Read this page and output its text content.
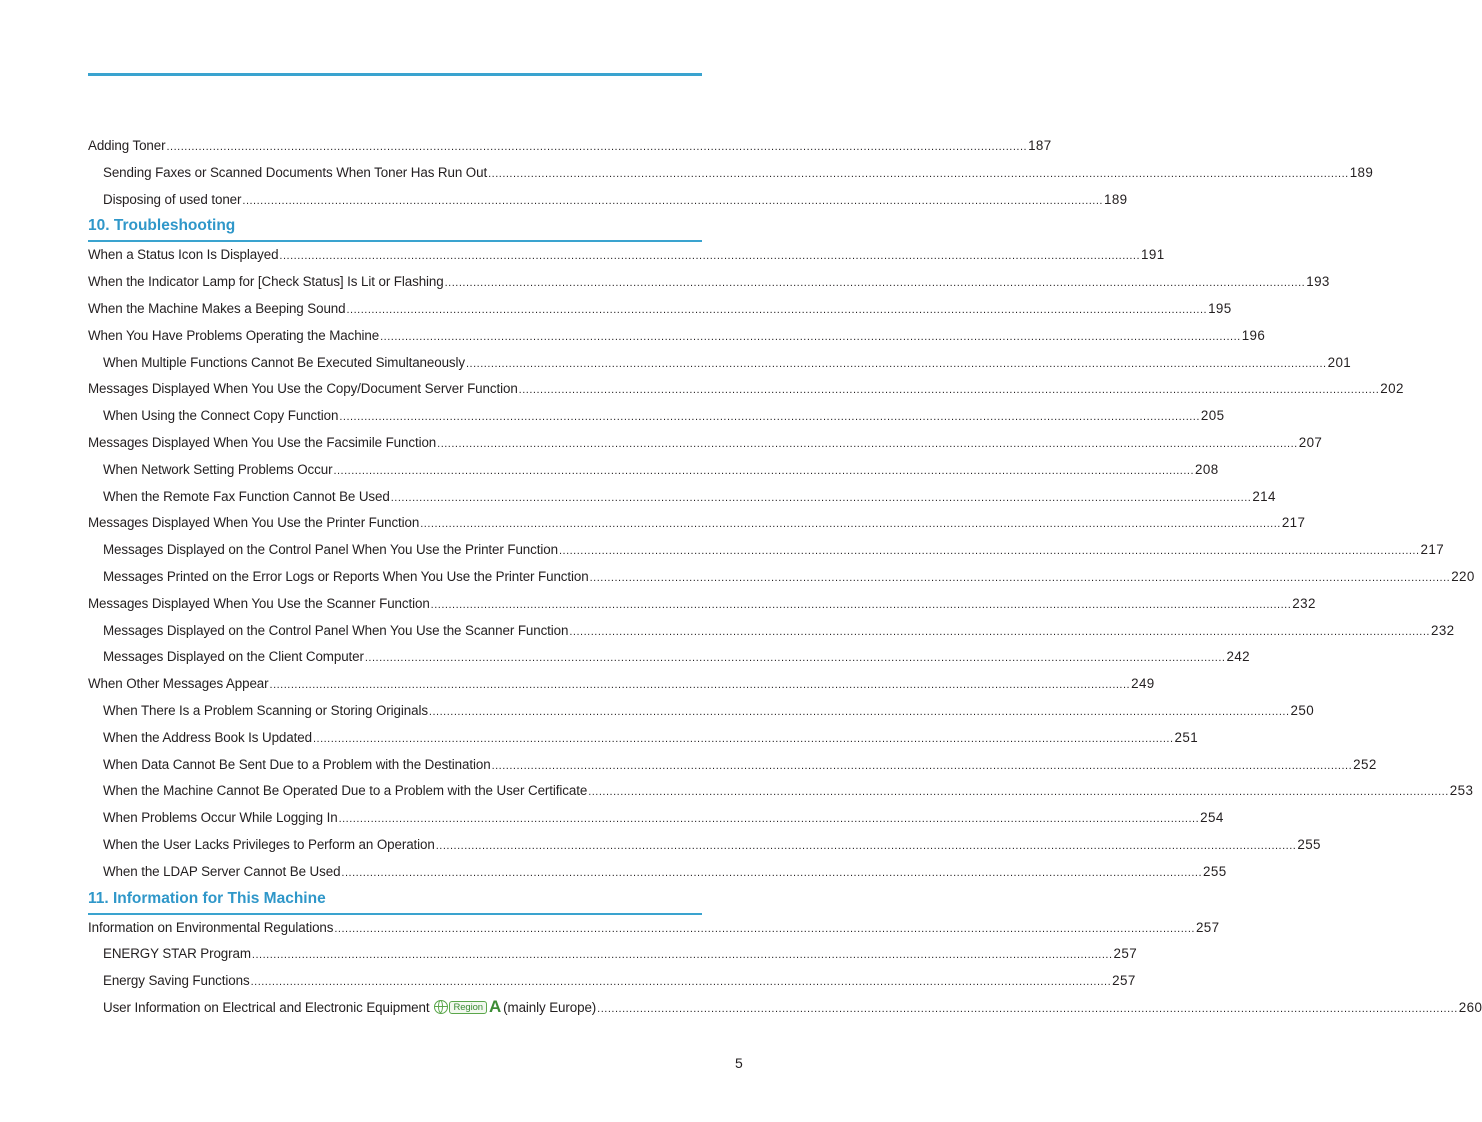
Adding Toner .....	187
Sending Faxes or Scanned Documents When Toner Has Run Out .....	189
Disposing of used toner .....	189
10. Troubleshooting
When a Status Icon Is Displayed .....	191
When the Indicator Lamp for [Check Status] Is Lit or Flashing .....	193
When the Machine Makes a Beeping Sound .....	195
When You Have Problems Operating the Machine .....	196
When Multiple Functions Cannot Be Executed Simultaneously .....	201
Messages Displayed When You Use the Copy/Document Server Function .....	202
When Using the Connect Copy Function .....	205
Messages Displayed When You Use the Facsimile Function .....	207
When Network Setting Problems Occur .....	208
When the Remote Fax Function Cannot Be Used .....	214
Messages Displayed When You Use the Printer Function .....	217
Messages Displayed on the Control Panel When You Use the Printer Function .....	217
Messages Printed on the Error Logs or Reports When You Use the Printer Function .....	220
Messages Displayed When You Use the Scanner Function .....	232
Messages Displayed on the Control Panel When You Use the Scanner Function .....	232
Messages Displayed on the Client Computer .....	242
When Other Messages Appear .....	249
When There Is a Problem Scanning or Storing Originals .....	250
When the Address Book Is Updated .....	251
When Data Cannot Be Sent Due to a Problem with the Destination .....	252
When the Machine Cannot Be Operated Due to a Problem with the User Certificate .....	253
When Problems Occur While Logging In .....	254
When the User Lacks Privileges to Perform an Operation .....	255
When the LDAP Server Cannot Be Used .....	255
11. Information for This Machine
Information on Environmental Regulations .....	257
ENERGY STAR Program .....	257
Energy Saving Functions .....	257
User Information on Electrical and Electronic Equipment	Region A (mainly Europe) .....	260
5
